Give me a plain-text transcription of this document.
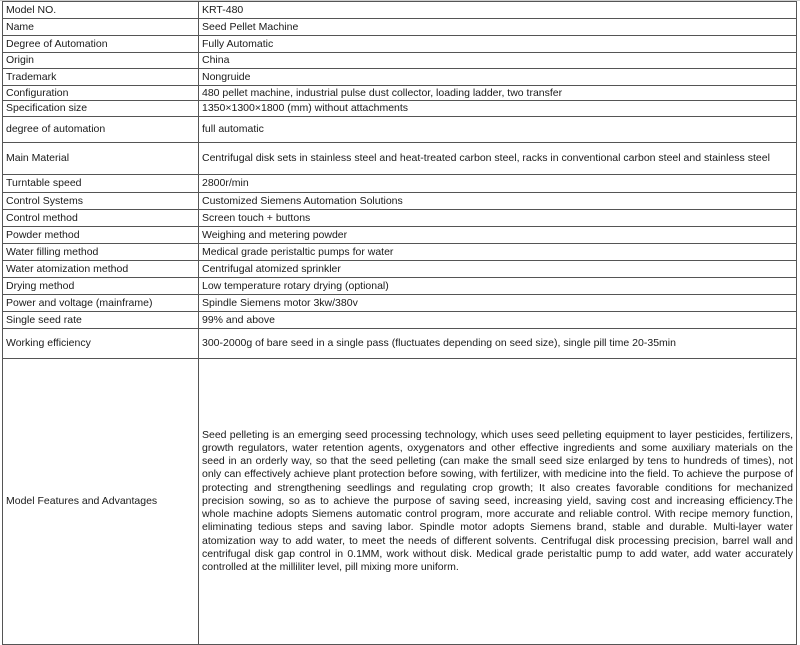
Model NO.	KRT-480
Name	Seed Pellet Machine
Degree of Automation	Fully Automatic
Origin	China
Trademark	Nongruide
Configuration	480 pellet machine, industrial pulse dust collector, loading ladder, two transfer
Specification size	1350×1300×1800 (mm) without attachments
degree of automation	full automatic
Main Material	Centrifugal disk sets in stainless steel and heat-treated carbon steel, racks in conventional carbon steel and stainless steel
Turntable speed	2800r/min
Control Systems	Customized Siemens Automation Solutions
Control method	Screen touch + buttons
Powder method	Weighing and metering powder
Water filling method	Medical grade peristaltic pumps for water
Water atomization method	Centrifugal atomized sprinkler
Drying method	Low temperature rotary drying (optional)
Power and voltage (mainframe)	Spindle Siemens motor 3kw/380v
Single seed rate	99% and above
Working efficiency	300-2000g of bare seed in a single pass (fluctuates depending on seed size), single pill time 20-35min
Model Features and Advantages	Seed pelleting is an emerging seed processing technology, which uses seed pelleting equipment to layer pesticides, fertilizers, growth regulators, water retention agents, oxygenators and other effective ingredients and some auxiliary materials on the seed in an orderly way, so that the seed pelleting (can make the small seed size enlarged by tens to hundreds of times), not only can effectively achieve plant protection before sowing, with fertilizer, with medicine into the field. To achieve the purpose of protecting and strengthening seedlings and regulating crop growth; It also creates favorable conditions for mechanized precision sowing, so as to achieve the purpose of saving seed, increasing yield, saving cost and increasing efficiency.The whole machine adopts Siemens automatic control program, more accurate and reliable control. With recipe memory function, eliminating tedious steps and saving labor. Spindle motor adopts Siemens brand, stable and durable. Multi-layer water atomization way to add water, to meet the needs of different solvents. Centrifugal disk processing precision, barrel wall and centrifugal disk gap control in 0.1MM, work without disk. Medical grade peristaltic pump to add water, add water accurately controlled at the milliliter level, pill mixing more uniform.
